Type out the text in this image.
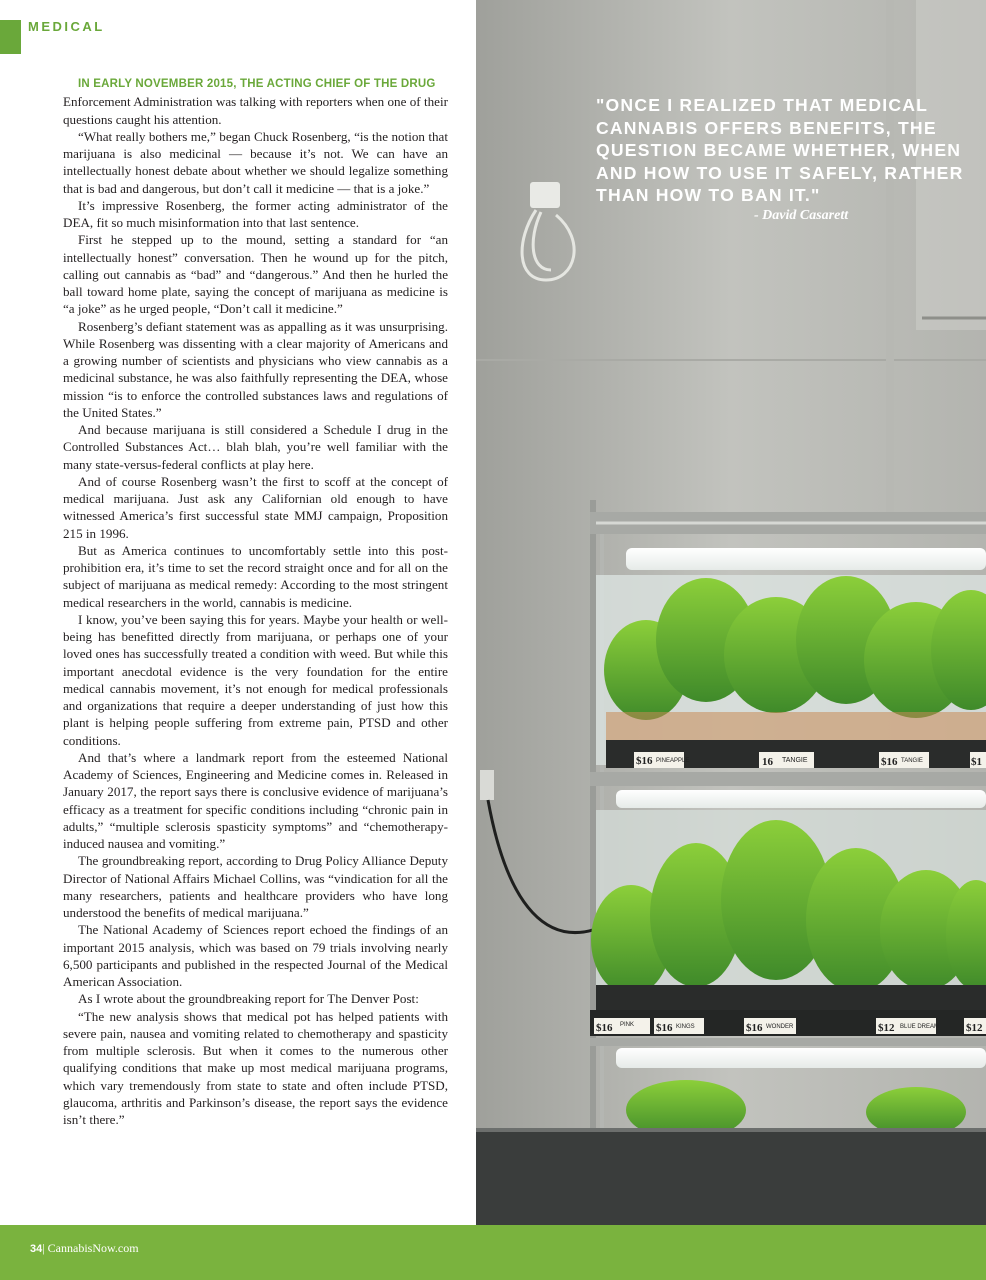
MEDICAL

IN EARLY NOVEMBER 2015, THE ACTING CHIEF OF THE DRUG
Enforcement Administration was talking with reporters when one of their questions caught his attention.

“What really bothers me,” began Chuck Rosenberg, “is the notion that marijuana is also medicinal — because it’s not. We can have an intellectually honest debate about whether we should legalize something that is bad and dangerous, but don’t call it medicine — that is a joke.”

It’s impressive Rosenberg, the former acting administrator of the DEA, fit so much misinformation into that last sentence.

First he stepped up to the mound, setting a standard for “an intellectually honest” conversation. Then he wound up for the pitch, calling out cannabis as “bad” and “dangerous.” And then he hurled the ball toward home plate, saying the concept of marijuana as medicine is “a joke” as he urged people, “Don’t call it medicine.”

Rosenberg’s defiant statement was as appalling as it was unsurprising. While Rosenberg was dissenting with a clear majority of Americans and a growing number of scientists and physicians who view cannabis as a medicinal substance, he was also faithfully representing the DEA, whose mission “is to enforce the controlled substances laws and regulations of the United States.”

And because marijuana is still considered a Schedule I drug in the Controlled Substances Act… blah blah, you’re well familiar with the many state-versus-federal conflicts at play here.

And of course Rosenberg wasn’t the first to scoff at the concept of medical marijuana. Just ask any Californian old enough to have witnessed America’s first successful state MMJ campaign, Proposition 215 in 1996.

But as America continues to uncomfortably settle into this post-prohibition era, it’s time to set the record straight once and for all on the subject of marijuana as medical remedy: According to the most stringent medical researchers in the world, cannabis is medicine.

I know, you’ve been saying this for years. Maybe your health or well-being has benefitted directly from marijuana, or perhaps one of your loved ones has successfully treated a condition with weed. But while this important anecdotal evidence is the very foundation for the entire medical cannabis movement, it’s not enough for medical professionals and organizations that require a deeper understanding of just how this plant is helping people suffering from extreme pain, PTSD and other conditions.

And that’s where a landmark report from the esteemed National Academy of Sciences, Engineering and Medicine comes in. Released in January 2017, the report says there is conclusive evidence of marijuana’s efficacy as a treatment for specific conditions including “chronic pain in adults,” “multiple sclerosis spasticity symptoms” and “chemotherapy-induced nausea and vomiting.”

The groundbreaking report, according to Drug Policy Alliance Deputy Director of National Affairs Michael Collins, was “vindication for all the many researchers, patients and healthcare providers who have long understood the benefits of medical marijuana.”

The National Academy of Sciences report echoed the findings of an important 2015 analysis, which was based on 79 trials involving nearly 6,500 participants and published in the respected Journal of the Medical American Association.

As I wrote about the groundbreaking report for The Denver Post:

“The new analysis shows that medical pot has helped patients with severe pain, nausea and vomiting related to chemotherapy and spasticity from multiple sclerosis. But when it comes to the numerous other qualifying conditions that make up most medical marijuana programs, which vary tremendously from state to state and often include PTSD, glaucoma, arthritis and Parkinson’s disease, the report says the evidence isn’t there.”

$16 PINEAPPLE	16 TANGIE	$16 TANGIE	$1
$16 PINK $16 KINGS	$16 WONDER	$12 BLUE DREAM $12
"ONCE I REALIZED THAT MEDICAL CANNABIS OFFERS BENEFITS, THE QUESTION BECAME WHETHER, WHEN AND HOW TO USE IT SAFELY, RATHER THAN HOW TO BAN IT."
- David Casarett
34| CannabisNow.com
